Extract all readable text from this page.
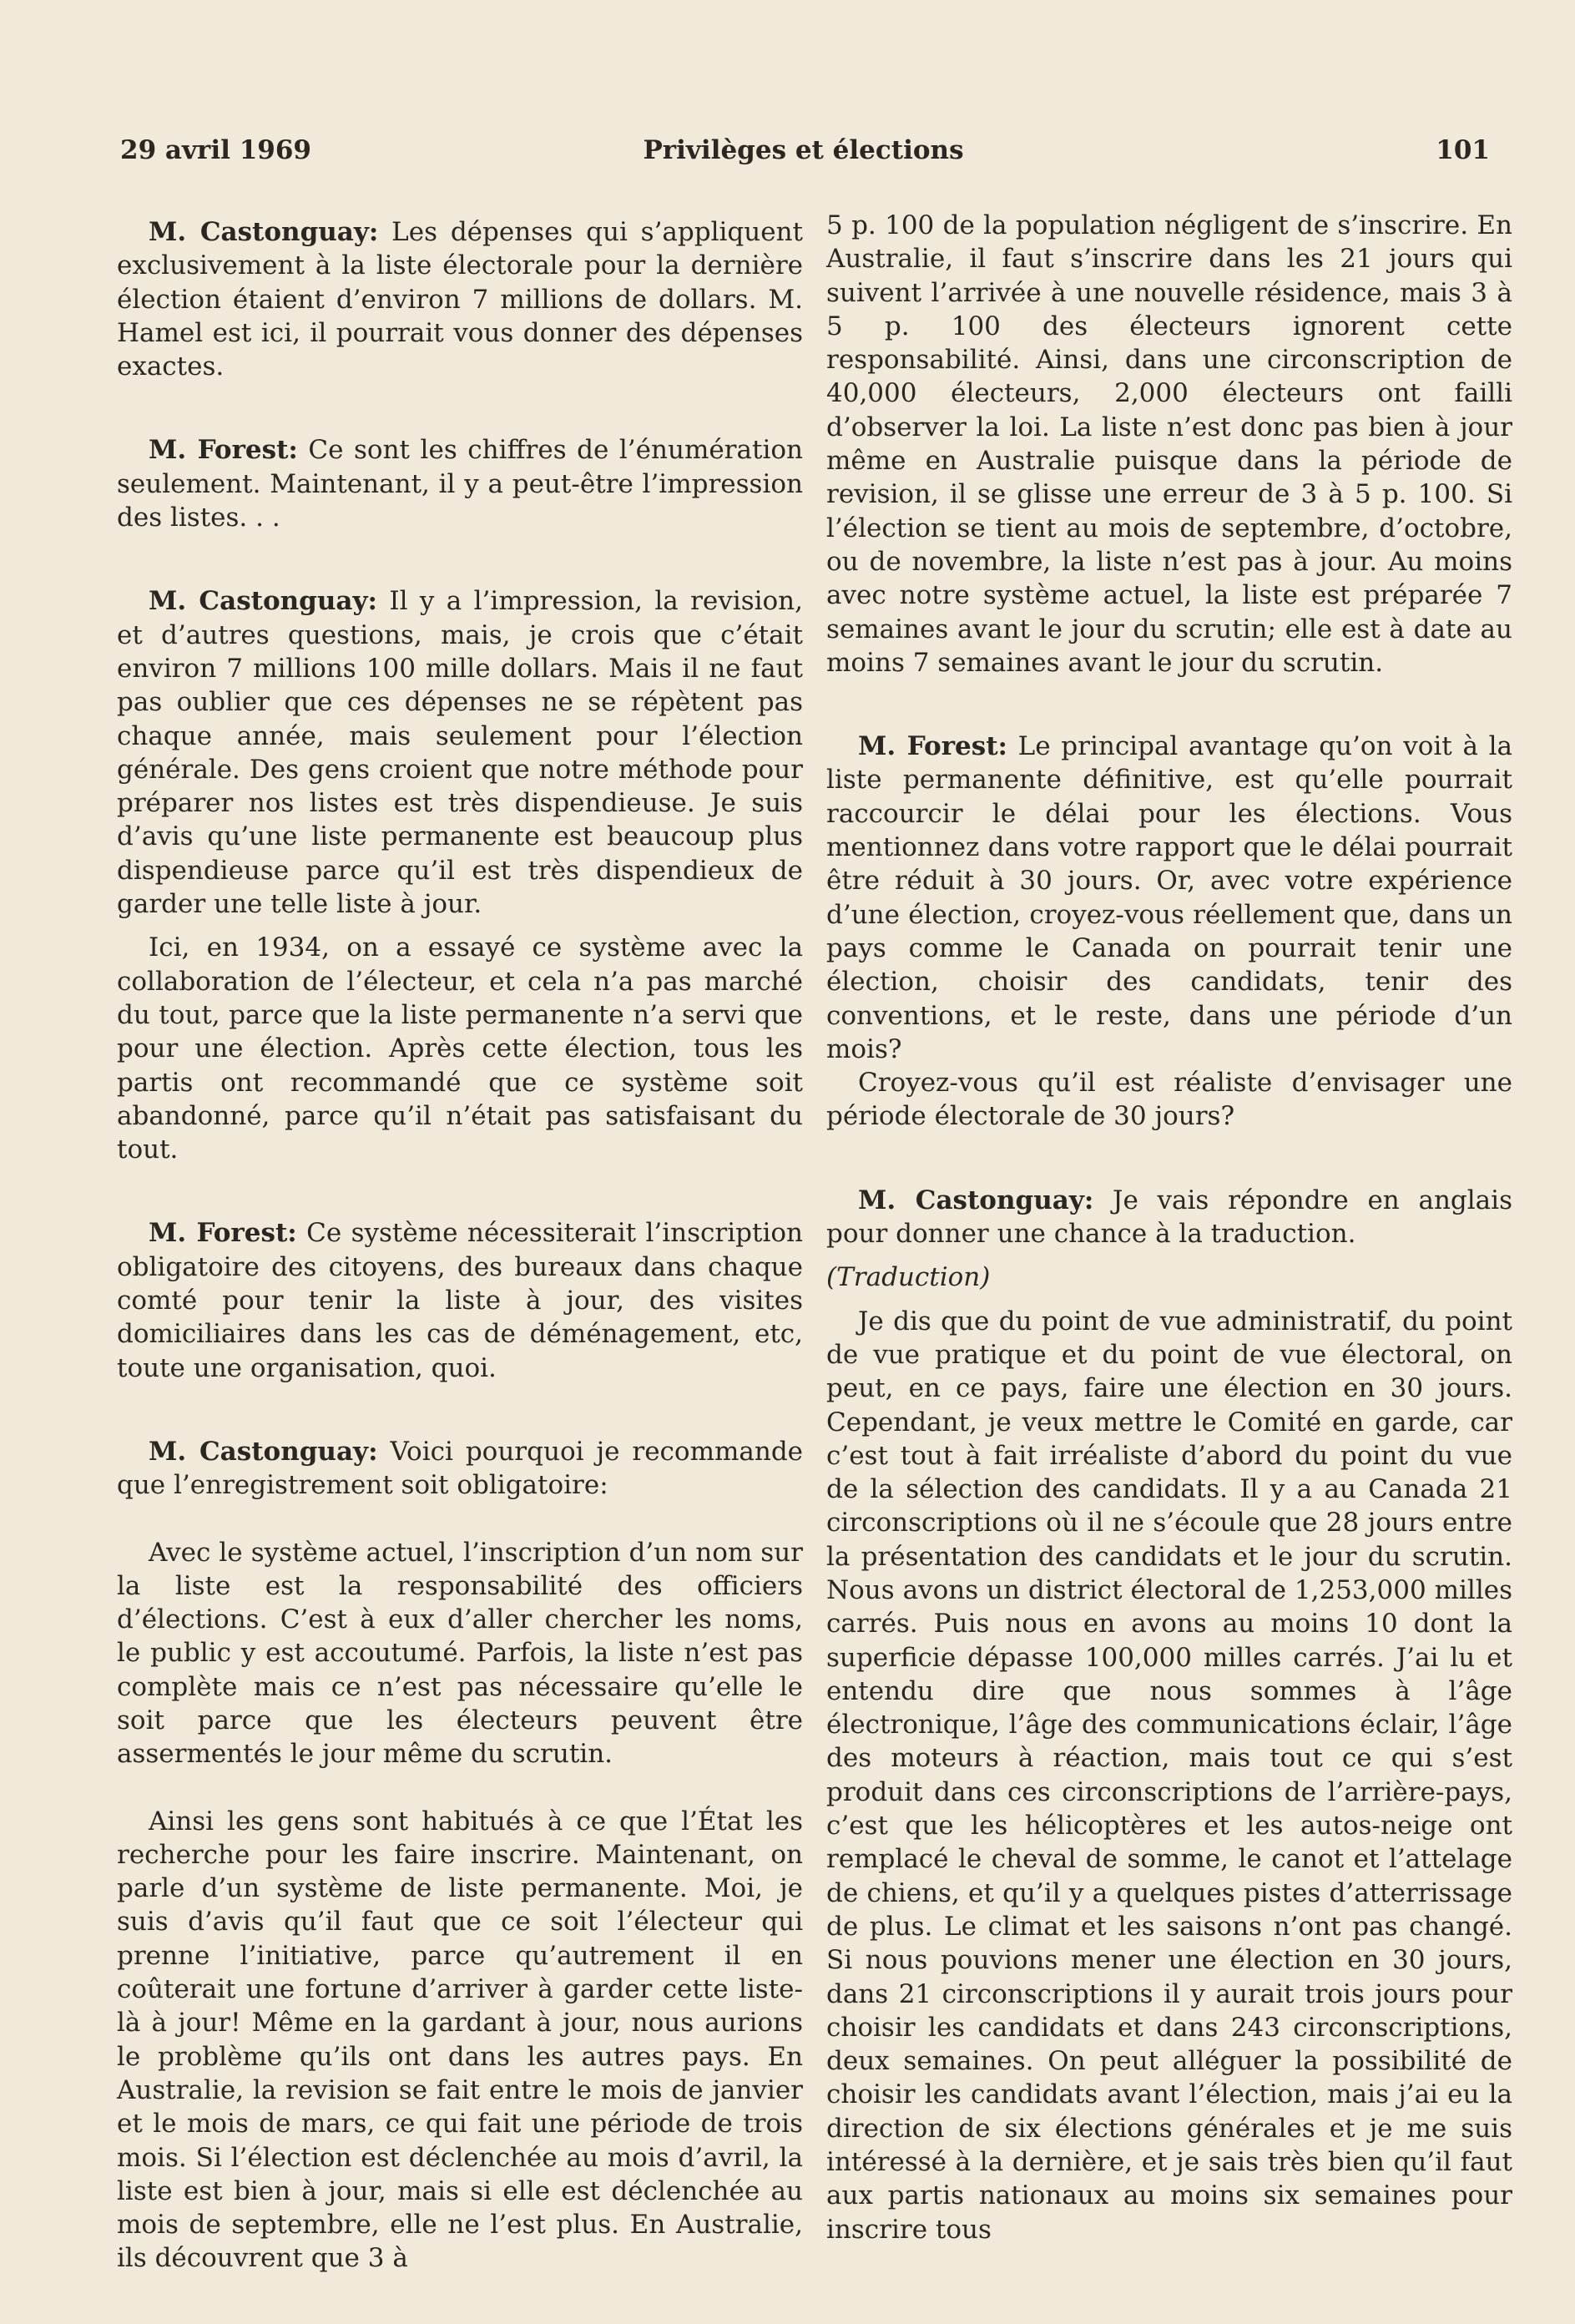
Privilèges et élections
29 avril 1969	101

M. Castonguay: Les dépenses qui s’appliquent exclusivement à la liste électorale pour la dernière élection étaient d’environ 7 millions de dollars. M. Hamel est ici, il pourrait vous donner des dépenses exactes.

M. Forest: Ce sont les chiffres de l’énumération seulement. Maintenant, il y a peut-être l’impression des listes. . .

M. Castonguay: Il y a l’impression, la revision, et d’autres questions, mais, je crois que c’était environ 7 millions 100 mille dollars. Mais il ne faut pas oublier que ces dépenses ne se répètent pas chaque année, mais seulement pour l’élection générale. Des gens croient que notre méthode pour préparer nos listes est très dispendieuse. Je suis d’avis qu’une liste permanente est beaucoup plus dispendieuse parce qu’il est très dispendieux de garder une telle liste à jour.

Ici, en 1934, on a essayé ce système avec la collaboration de l’électeur, et cela n’a pas marché du tout, parce que la liste permanente n’a servi que pour une élection. Après cette élection, tous les partis ont recommandé que ce système soit abandonné, parce qu’il n’était pas satisfaisant du tout.

M. Forest: Ce système nécessiterait l’inscription obligatoire des citoyens, des bureaux dans chaque comté pour tenir la liste à jour, des visites domiciliaires dans les cas de déménagement, etc, toute une organisation, quoi.

M. Castonguay: Voici pourquoi je recommande que l’enregistrement soit obligatoire:

Avec le système actuel, l’inscription d’un nom sur la liste est la responsabilité des officiers d’élections. C’est à eux d’aller chercher les noms, le public y est accoutumé. Parfois, la liste n’est pas complète mais ce n’est pas nécessaire qu’elle le soit parce que les électeurs peuvent être assermentés le jour même du scrutin.

Ainsi les gens sont habitués à ce que l’État les recherche pour les faire inscrire. Maintenant, on parle d’un système de liste permanente. Moi, je suis d’avis qu’il faut que ce soit l’électeur qui prenne l’initiative, parce qu’autrement il en coûterait une fortune d’arriver à garder cette liste-là à jour! Même en la gardant à jour, nous aurions le problème qu’ils ont dans les autres pays. En Australie, la revision se fait entre le mois de janvier et le mois de mars, ce qui fait une période de trois mois. Si l’élection est déclenchée au mois d’avril, la liste est bien à jour, mais si elle est déclenchée au mois de septembre, elle ne l’est plus. En Australie, ils découvrent que 3 à

5 p. 100 de la population négligent de s’inscrire. En Australie, il faut s’inscrire dans les 21 jours qui suivent l’arrivée à une nouvelle résidence, mais 3 à 5 p. 100 des électeurs ignorent cette responsabilité. Ainsi, dans une circonscription de 40,000 électeurs, 2,000 électeurs ont failli d’observer la loi. La liste n’est donc pas bien à jour même en Australie puisque dans la période de revision, il se glisse une erreur de 3 à 5 p. 100. Si l’élection se tient au mois de septembre, d’octobre, ou de novembre, la liste n’est pas à jour. Au moins avec notre système actuel, la liste est préparée 7 semaines avant le jour du scrutin; elle est à date au moins 7 semaines avant le jour du scrutin.

M. Forest: Le principal avantage qu’on voit à la liste permanente définitive, est qu’elle pourrait raccourcir le délai pour les élections. Vous mentionnez dans votre rapport que le délai pourrait être réduit à 30 jours. Or, avec votre expérience d’une élection, croyez-vous réellement que, dans un pays comme le Canada on pourrait tenir une élection, choisir des candidats, tenir des conventions, et le reste, dans une période d’un mois?

Croyez-vous qu’il est réaliste d’envisager une période électorale de 30 jours?

M. Castonguay: Je vais répondre en anglais pour donner une chance à la traduction.

(Traduction)

Je dis que du point de vue administratif, du point de vue pratique et du point de vue électoral, on peut, en ce pays, faire une élection en 30 jours. Cependant, je veux mettre le Comité en garde, car c’est tout à fait irréaliste d’abord du point du vue de la sélection des candidats. Il y a au Canada 21 circonscriptions où il ne s’écoule que 28 jours entre la présentation des candidats et le jour du scrutin. Nous avons un district électoral de 1,253,000 milles carrés. Puis nous en avons au moins 10 dont la superficie dépasse 100,000 milles carrés. J’ai lu et entendu dire que nous sommes à l’âge électronique, l’âge des communications éclair, l’âge des moteurs à réaction, mais tout ce qui s’est produit dans ces circonscriptions de l’arrière-pays, c’est que les hélicoptères et les autos-neige ont remplacé le cheval de somme, le canot et l’attelage de chiens, et qu’il y a quelques pistes d’atterrissage de plus. Le climat et les saisons n’ont pas changé. Si nous pouvions mener une élection en 30 jours, dans 21 circonscriptions il y aurait trois jours pour choisir les candidats et dans 243 circonscriptions, deux semaines. On peut alléguer la possibilité de choisir les candidats avant l’élection, mais j’ai eu la direction de six élections générales et je me suis intéressé à la dernière, et je sais très bien qu’il faut aux partis nationaux au moins six semaines pour inscrire tous
